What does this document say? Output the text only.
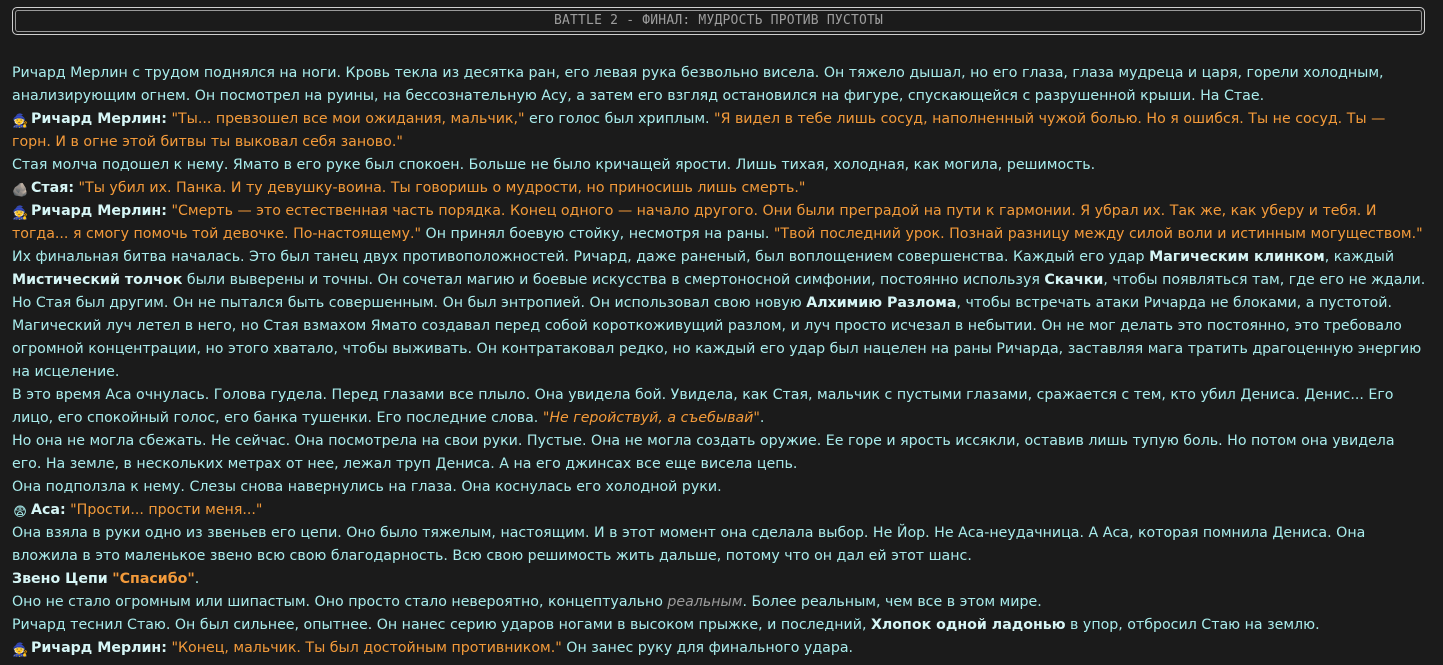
BATTLE 2 - ФИНАЛ: МУДРОСТЬ ПРОТИВ ПУСТОТЫ

Ричард Мерлин с трудом поднялся на ноги. Кровь текла из десятка ран, его левая рука безвольно висела. Он тяжело дышал, но его глаза, глаза мудреца и царя, горели холодным, анализирующим огнем. Он посмотрел на руины, на бессознательную Асу, а затем его взгляд остановился на фигуре, спускающейся с разрушенной крыши. На Стае.

🧙 Ричард Мерлин: "Ты... превзошел все мои ожидания, мальчик," его голос был хриплым. "Я видел в тебе лишь сосуд, наполненный чужой болью. Но я ошибся. Ты не сосуд. Ты — горн. И в огне этой битвы ты выковал себя заново."

Стая молча подошел к нему. Ямато в его руке был спокоен. Больше не было кричащей ярости. Лишь тихая, холодная, как могила, решимость.

🪨 Стая: "Ты убил их. Панка. И ту девушку-воина. Ты говоришь о мудрости, но приносишь лишь смерть."

🧙 Ричард Мерлин: "Смерть — это естественная часть порядка. Конец одного — начало другого. Они были преградой на пути к гармонии. Я убрал их. Так же, как уберу и тебя. И тогда... я смогу помочь той девочке. По-настоящему." Он принял боевую стойку, несмотря на раны. "Твой последний урок. Познай разницу между силой воли и истинным могуществом."

Их финальная битва началась. Это был танец двух противоположностей. Ричард, даже раненый, был воплощением совершенства. Каждый его удар Магическим клинком, каждый Мистический толчок были выверены и точны. Он сочетал магию и боевые искусства в смертоносной симфонии, постоянно используя Скачки, чтобы появляться там, где его не ждали.

Но Стая был другим. Он не пытался быть совершенным. Он был энтропией. Он использовал свою новую Алхимию Разлома, чтобы встречать атаки Ричарда не блоками, а пустотой. Магический луч летел в него, но Стая взмахом Ямато создавал перед собой короткоживущий разлом, и луч просто исчезал в небытии. Он не мог делать это постоянно, это требовало огромной концентрации, но этого хватало, чтобы выживать. Он контратаковал редко, но каждый его удар был нацелен на раны Ричарда, заставляя мага тратить драгоценную энергию на исцеление.

В это время Аса очнулась. Голова гудела. Перед глазами все плыло. Она увидела бой. Увидела, как Стая, мальчик с пустыми глазами, сражается с тем, кто убил Дениса. Денис... Его лицо, его спокойный голос, его банка тушенки. Его последние слова. "Не геройствуй, а съебывай".

Но она не могла сбежать. Не сейчас. Она посмотрела на свои руки. Пустые. Она не могла создать оружие. Ее горе и ярость иссякли, оставив лишь тупую боль. Но потом она увидела его. На земле, в нескольких метрах от нее, лежал труп Дениса. А на его джинсах все еще висела цепь.

Она подползла к нему. Слезы снова навернулись на глаза. Она коснулась его холодной руки.

😨 Аса: "Прости... прости меня..."

Она взяла в руки одно из звеньев его цепи. Оно было тяжелым, настоящим. И в этот момент она сделала выбор. Не Йор. Не Аса-неудачница. А Аса, которая помнила Дениса. Она вложила в это маленькое звено всю свою благодарность. Всю свою решимость жить дальше, потому что он дал ей этот шанс.

Звено Цепи "Спасибо".

Оно не стало огромным или шипастым. Оно просто стало невероятно, концептуально реальным. Более реальным, чем все в этом мире.

Ричард теснил Стаю. Он был сильнее, опытнее. Он нанес серию ударов ногами в высоком прыжке, и последний, Хлопок одной ладонью в упор, отбросил Стаю на землю.

🧙 Ричард Мерлин: "Конец, мальчик. Ты был достойным противником." Он занес руку для финального удара.
